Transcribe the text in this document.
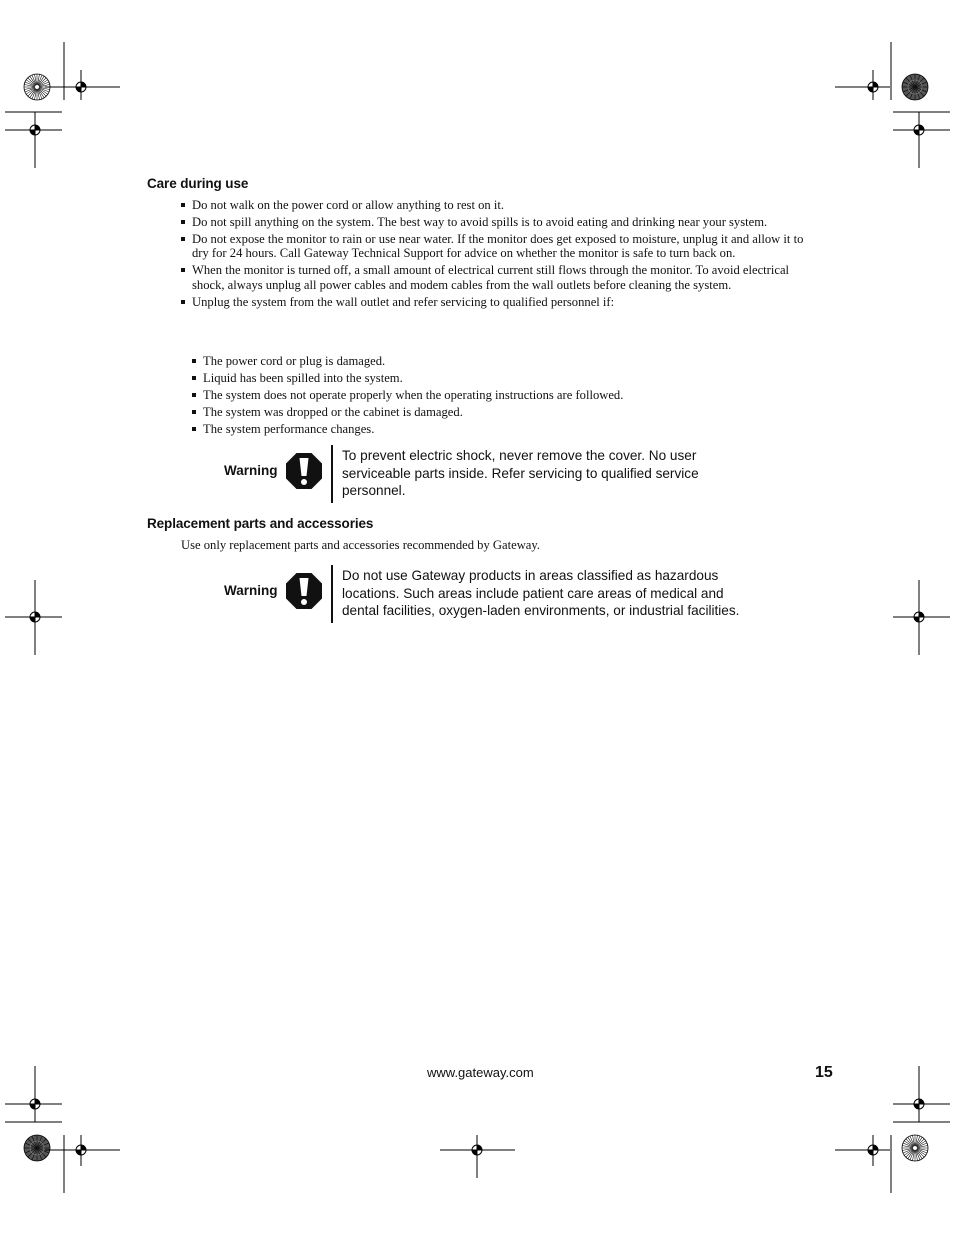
Care during use
Do not walk on the power cord or allow anything to rest on it.
Do not spill anything on the system. The best way to avoid spills is to avoid eating and drinking near your system.
Do not expose the monitor to rain or use near water. If the monitor does get exposed to moisture, unplug it and allow it to dry for 24 hours. Call Gateway Technical Support for advice on whether the monitor is safe to turn back on.
When the monitor is turned off, a small amount of electrical current still flows through the monitor. To avoid electrical shock, always unplug all power cables and modem cables from the wall outlets before cleaning the system.
Unplug the system from the wall outlet and refer servicing to qualified personnel if:
The power cord or plug is damaged.
Liquid has been spilled into the system.
The system does not operate properly when the operating instructions are followed.
The system was dropped or the cabinet is damaged.
The system performance changes.
Warning
To prevent electric shock, never remove the cover. No user serviceable parts inside. Refer servicing to qualified service personnel.
Replacement parts and accessories
Use only replacement parts and accessories recommended by Gateway.
Warning
Do not use Gateway products in areas classified as hazardous locations. Such areas include patient care areas of medical and dental facilities, oxygen-laden environments, or industrial facilities.
www.gateway.com	15
